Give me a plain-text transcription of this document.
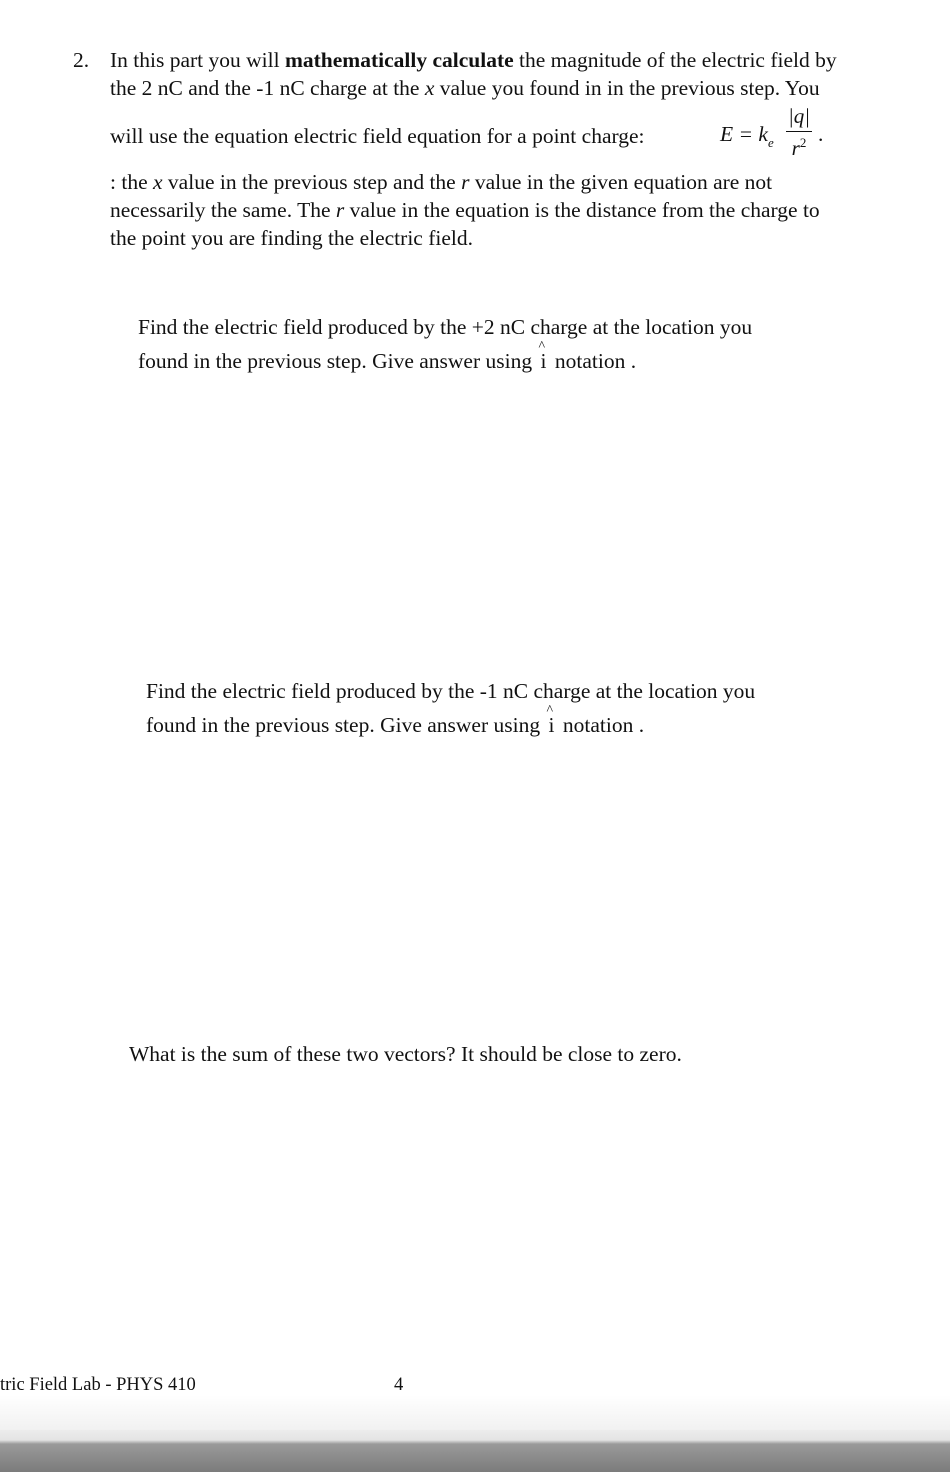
2. In this part you will mathematically calculate the magnitude of the electric field by
the 2 nC and the -1 nC charge at the x value you found in in the previous step. You
will use the equation electric field equation for a point charge:	$E = k_e$
|q|
$r^2$ .
: the x value in the previous step and the r value in the given equation are not
necessarily the same. The r value in the equation is the distance from the charge to
the point you are finding the electric field.
Find the electric field produced by the +2 nC charge at the location you
found in the previous step. Give answer using ^ i notation .
Find the electric field produced by the -1 nC charge at the location you
found in the previous step. Give answer using ^ i notation .
What is the sum of these two vectors? It should be close to zero.
tric Field Lab - PHYS 410	4
